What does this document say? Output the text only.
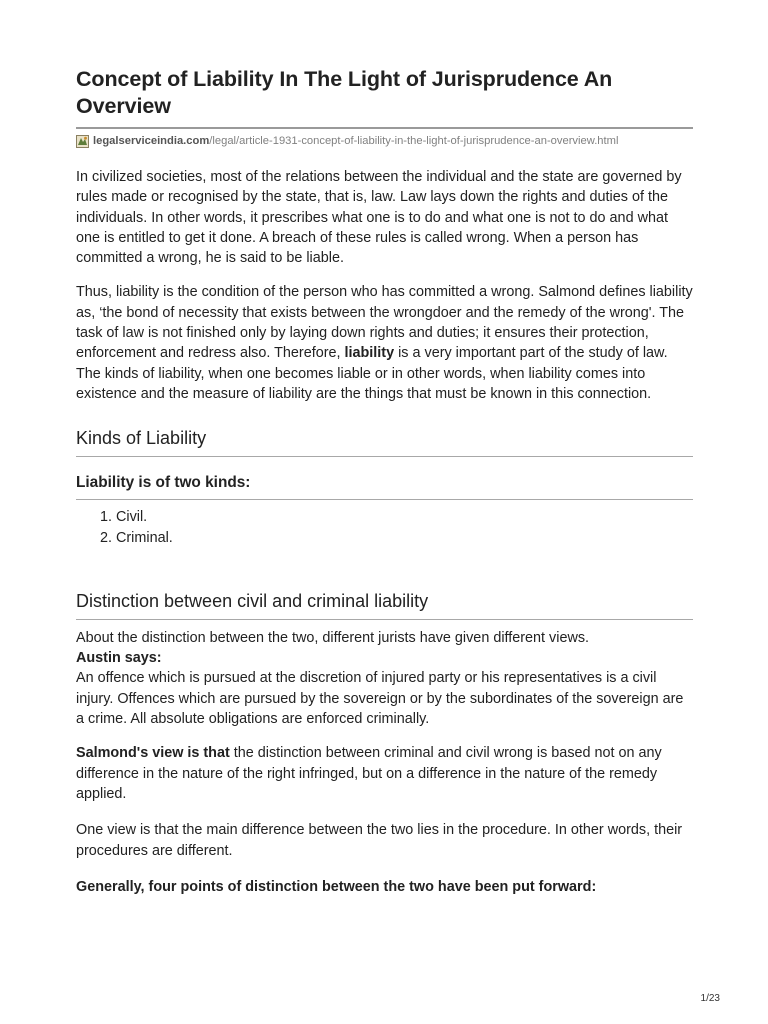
Concept of Liability In The Light of Jurisprudence An Overview
legalserviceindia.com /legal/article-1931-concept-of-liability-in-the-light-of-jurisprudence-an-overview.html

In civilized societies, most of the relations between the individual and the state are governed by rules made or recognised by the state, that is, law. Law lays down the rights and duties of the individuals. In other words, it prescribes what one is to do and what one is not to do and what one is entitled to get it done. A breach of these rules is called wrong. When a person has committed a wrong, he is said to be liable.

Thus, liability is the condition of the person who has committed a wrong. Salmond defines liability as, ‘the bond of necessity that exists between the wrongdoer and the remedy of the wrong'. The task of law is not finished only by laying down rights and duties; it ensures their protection, enforcement and redress also. Therefore, liability is a very important part of the study of law. The kinds of liability, when one becomes liable or in other words, when liability comes into existence and the measure of liability are the things that must be known in this connection.

Kinds of Liability
Liability is of two kinds:
1. Civil.
2. Criminal.
Distinction between civil and criminal liability

About the distinction between the two, different jurists have given different views.
Austin says:
An offence which is pursued at the discretion of injured party or his representatives is a civil injury. Offences which are pursued by the sovereign or by the subordinates of the sovereign are a crime. All absolute obligations are enforced criminally.

Salmond's view is that the distinction between criminal and civil wrong is based not on any difference in the nature of the right infringed, but on a difference in the nature of the remedy applied.

One view is that the main difference between the two lies in the procedure. In other words, their procedures are different.

Generally, four points of distinction between the two have been put forward:

1/23
